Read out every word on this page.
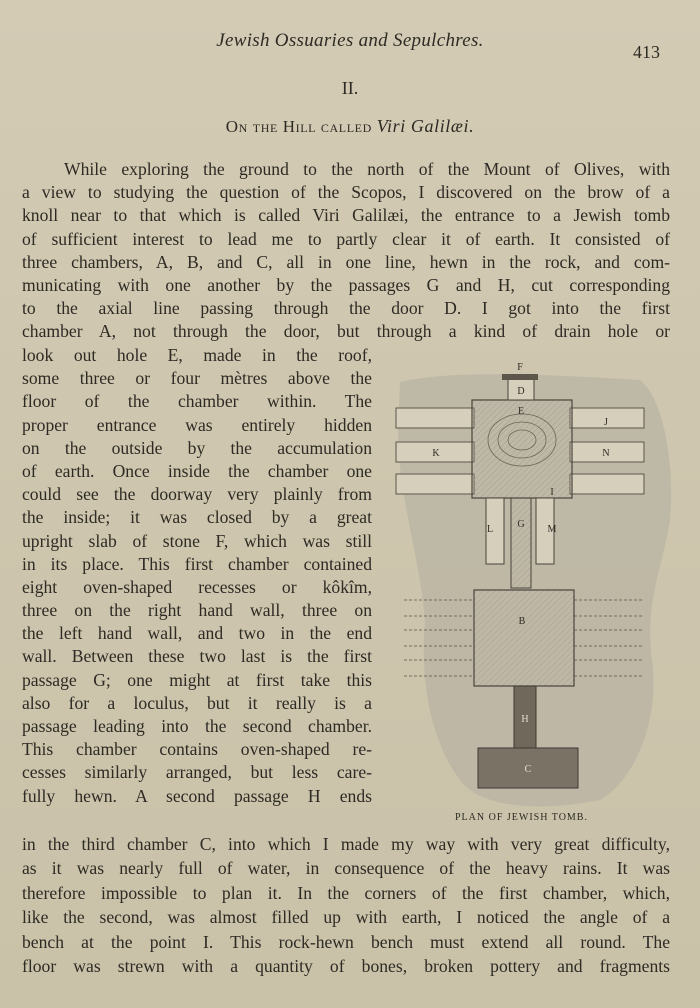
Jewish Ossuaries and Sepulchres.
413
II.
On the Hill called Viri Galilæi.
While exploring the ground to the north of the Mount of Olives, with
a view to studying the question of the Scopos, I discovered on the brow of a
knoll near to that which is called Viri Galilæi, the entrance to a Jewish tomb
of sufficient interest to lead me to partly clear it of earth. It consisted of
three chambers, A, B, and C, all in one line, hewn in the rock, and com-
municating with one another by the passages G and H, cut corresponding
to the axial line passing through the door D. I got into the first
chamber A, not through the door, but through a kind of drain hole or
look out hole E, made in the roof,
some three or four mètres above the
floor of the chamber within. The
proper entrance was entirely hidden
on the outside by the accumulation
of earth. Once inside the chamber one
could see the doorway very plainly from
the inside; it was closed by a great
upright slab of stone F, which was still
in its place. This first chamber contained
eight oven-shaped recesses or kôkîm,
three on the right hand wall, three on
the left hand wall, and two in the end
wall. Between these two last is the first
passage G; one might at first take this
also for a loculus, but it really is a
passage leading into the second chamber.
This chamber contains oven-shaped re-
cesses similarly arranged, but less care-
fully hewn. A second passage H ends
F
D
E
J
K	N
I
L G M
B
H
C
PLAN OF JEWISH TOMB.
in the third chamber C, into which I made my way with very great difficulty,
as it was nearly full of water, in consequence of the heavy rains. It was
therefore impossible to plan it. In the corners of the first chamber, which,
like the second, was almost filled up with earth, I noticed the angle of a
bench at the point I. This rock-hewn bench must extend all round. The
floor was strewn with a quantity of bones, broken pottery and fragments
